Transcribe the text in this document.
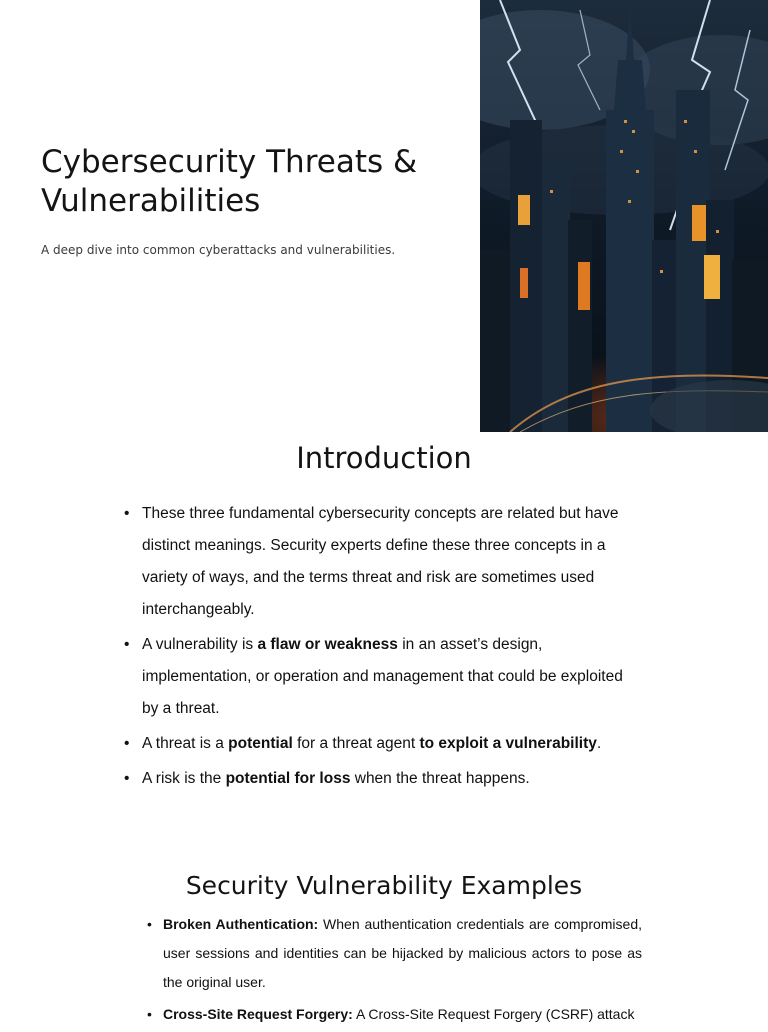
Cybersecurity Threats & Vulnerabilities

A deep dive into common cyberattacks and vulnerabilities.

Introduction
• These three fundamental cybersecurity concepts are related but have distinct meanings. Security experts define these three concepts in a variety of ways, and the terms threat and risk are sometimes used interchangeably.
• A vulnerability is a flaw or weakness in an asset’s design, implementation, or operation and management that could be exploited by a threat.
• A threat is a potential for a threat agent to exploit a vulnerability.
• A risk is the potential for loss when the threat happens.
Security Vulnerability Examples
• Broken Authentication: When authentication credentials are compromised, user sessions and identities can be hijacked by malicious actors to pose as the original user.
• Cross-Site Request Forgery: A Cross-Site Request Forgery (CSRF) attack
